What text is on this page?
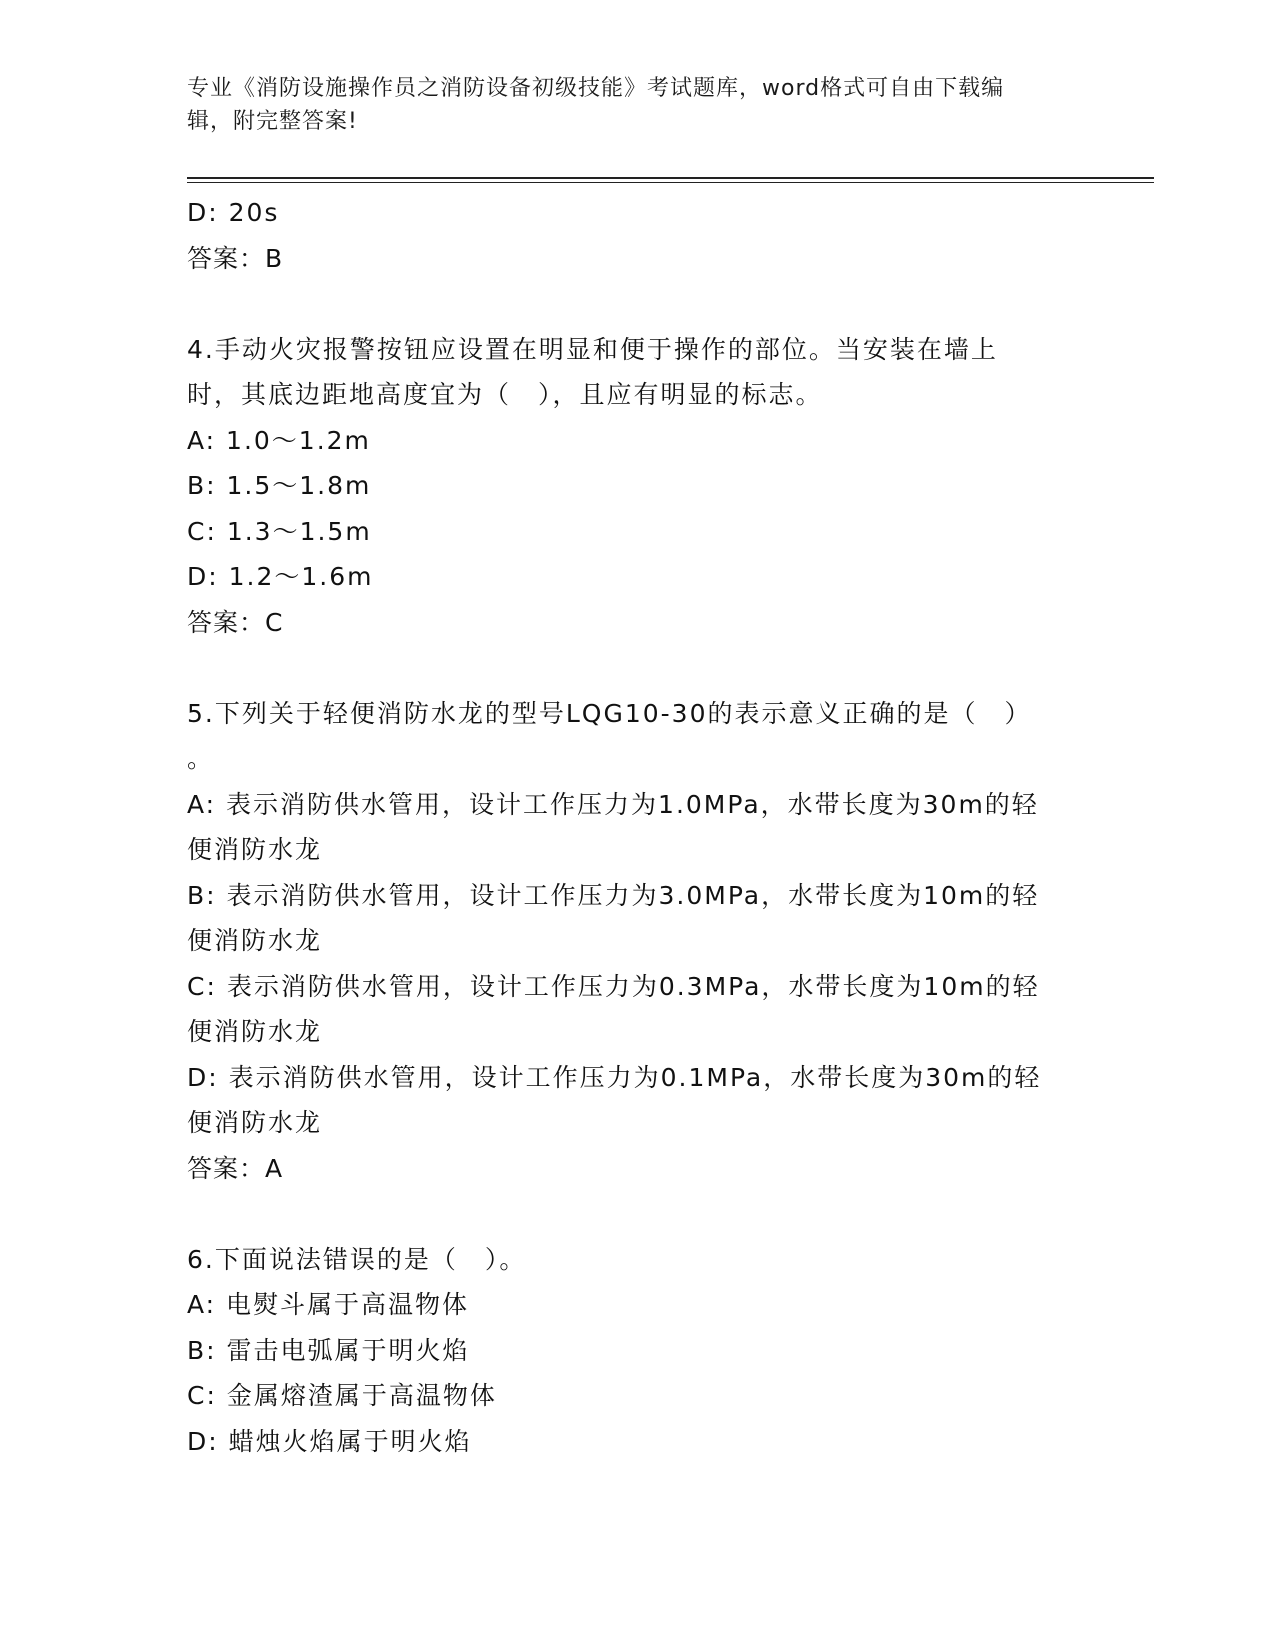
专业《消防设施操作员之消防设备初级技能》考试题库，word格式可自由下载编
辑，附完整答案!
D: 20s
答案：B
4.手动火灾报警按钮应设置在明显和便于操作的部位。当安装在墙上
时，其底边距地高度宜为（　），且应有明显的标志。
A: 1.0～1.2m
B: 1.5～1.8m
C: 1.3～1.5m
D: 1.2～1.6m
答案：C
5.下列关于轻便消防水龙的型号LQG10-30的表示意义正确的是（　）
。
A: 表示消防供水管用，设计工作压力为1.0MPa，水带长度为30m的轻
便消防水龙
B: 表示消防供水管用，设计工作压力为3.0MPa，水带长度为10m的轻
便消防水龙
C: 表示消防供水管用，设计工作压力为0.3MPa，水带长度为10m的轻
便消防水龙
D: 表示消防供水管用，设计工作压力为0.1MPa，水带长度为30m的轻
便消防水龙
答案：A
6.下面说法错误的是（　）。
A: 电熨斗属于高温物体
B: 雷击电弧属于明火焰
C: 金属熔渣属于高温物体
D: 蜡烛火焰属于明火焰
